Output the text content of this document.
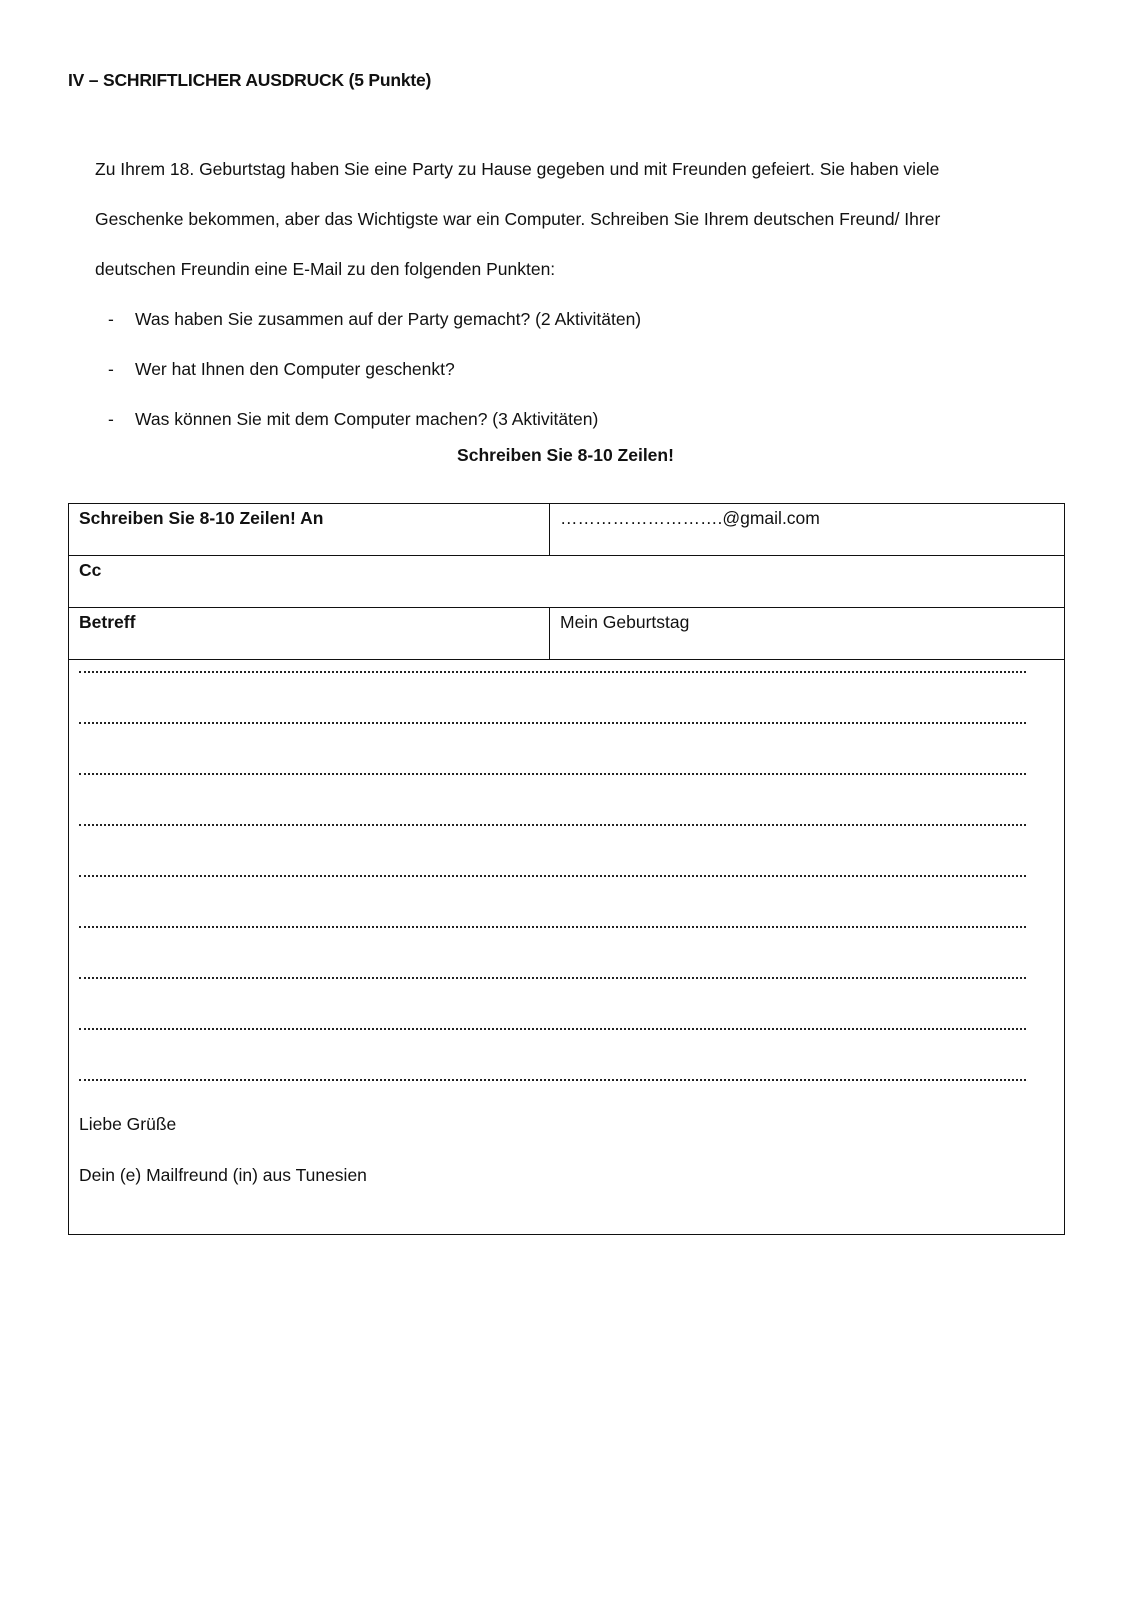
IV – SCHRIFTLICHER AUSDRUCK (5 Punkte)

Zu Ihrem 18. Geburtstag haben Sie eine Party zu Hause gegeben und mit Freunden gefeiert. Sie haben viele

Geschenke bekommen, aber das Wichtigste war ein Computer. Schreiben Sie Ihrem deutschen Freund/ Ihrer

deutschen Freundin eine E-Mail zu den folgenden Punkten:

- Was haben Sie zusammen auf der Party gemacht? (2 Aktivitäten)
- Wer hat Ihnen den Computer geschenkt?
- Was können Sie mit dem Computer machen? (3 Aktivitäten)
Schreiben Sie 8-10 Zeilen!
Schreiben Sie 8-10 Zeilen! An	……………………….@gmail.com
Cc	
Betreff	Mein Geburtstag

Liebe Grüße
Dein (e) Mailfreund (in) aus Tunesien	
